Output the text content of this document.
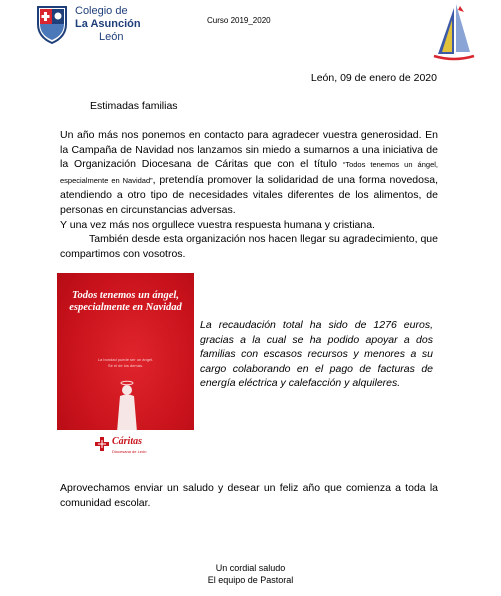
Colegio de
La Asunción
León
Curso 2019_2020
León, 09 de enero de 2020
Estimadas familias
Un año más nos ponemos en contacto para agradecer vuestra generosidad. En la Campaña de Navidad nos lanzamos sin miedo a sumarnos a una iniciativa de la Organización Diocesana de Cáritas que con el título “Todos tenemos un ángel, especialmente en Navidad”, pretendía promover la solidaridad de una forma novedosa, atendiendo a otro tipo de necesidades vitales diferentes de los alimentos, de personas en circunstancias adversas.
Y una vez más nos orgullece vuestra respuesta humana y cristiana.
También desde esta organización nos hacen llegar su agradecimiento, que compartimos con vosotros.
Todos tenemos un ángel, especialmente en Navidad
La bondad puede ser un ángel.
Sé el de los demás.
Cáritas
Diocesana de León
La recaudación total ha sido de 1276 euros, gracias a la cual se ha podido apoyar a dos familias con escasos recursos y menores a su cargo colaborando en el pago de facturas de energía eléctrica y calefacción y alquileres.
Aprovechamos enviar un saludo y desear un feliz año que comienza a toda la comunidad escolar.
Un cordial saludo
El equipo de Pastoral
